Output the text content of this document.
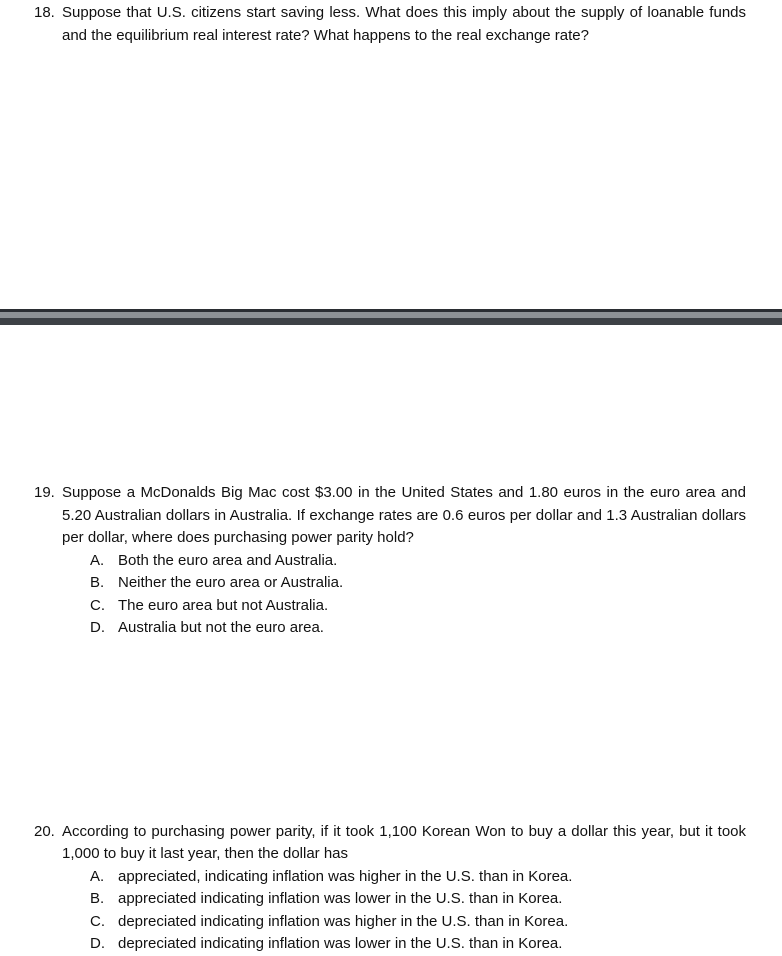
18. Suppose that U.S. citizens start saving less. What does this imply about the supply of loanable funds and the equilibrium real interest rate? What happens to the real exchange rate?
19. Suppose a McDonalds Big Mac cost $3.00 in the United States and 1.80 euros in the euro area and 5.20 Australian dollars in Australia. If exchange rates are 0.6 euros per dollar and 1.3 Australian dollars per dollar, where does purchasing power parity hold?
A. Both the euro area and Australia.
B. Neither the euro area or Australia.
C. The euro area but not Australia.
D. Australia but not the euro area.
20. According to purchasing power parity, if it took 1,100 Korean Won to buy a dollar this year, but it took 1,000 to buy it last year, then the dollar has
A. appreciated, indicating inflation was higher in the U.S. than in Korea.
B. appreciated indicating inflation was lower in the U.S. than in Korea.
C. depreciated indicating inflation was higher in the U.S. than in Korea.
D. depreciated indicating inflation was lower in the U.S. than in Korea.
